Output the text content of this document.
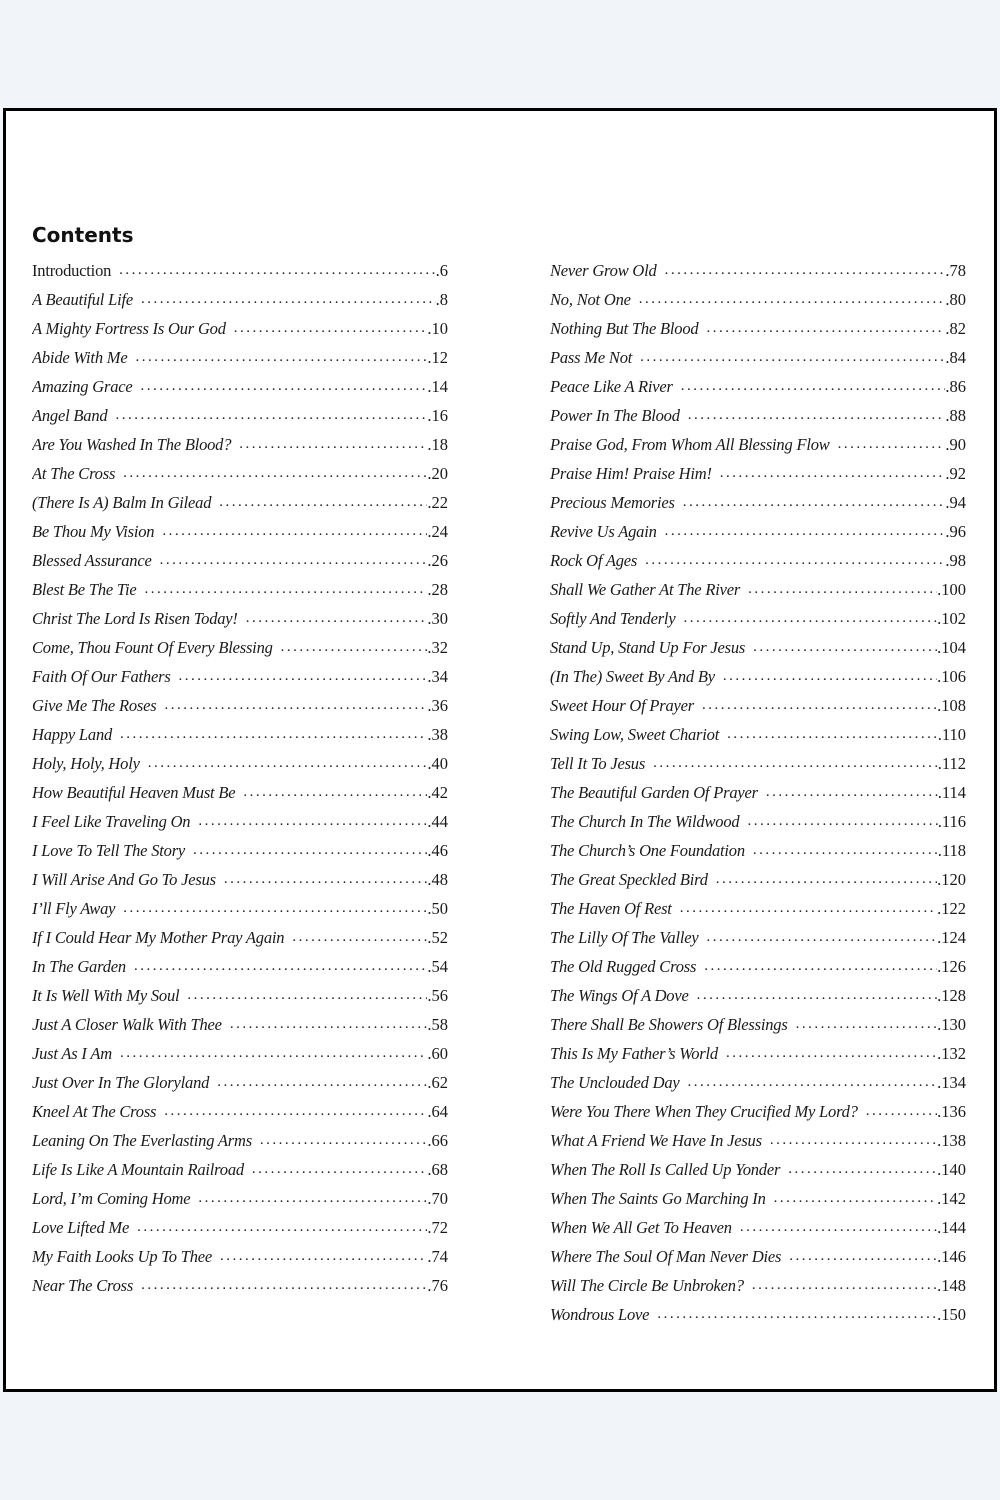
Contents
Introduction .....	.6
A Beautiful Life .....	.8
A Mighty Fortress Is Our God .....	.10
Abide With Me .....	.12
Amazing Grace .....	.14
Angel Band .....	.16
Are You Washed In The Blood? .....	.18
At The Cross .....	.20
(There Is A) Balm In Gilead .....	.22
Be Thou My Vision .....	.24
Blessed Assurance .....	.26
Blest Be The Tie .....	.28
Christ The Lord Is Risen Today! .....	.30
Come, Thou Fount Of Every Blessing .....	.32
Faith Of Our Fathers .....	.34
Give Me The Roses .....	.36
Happy Land .....	.38
Holy, Holy, Holy .....	.40
How Beautiful Heaven Must Be .....	.42
I Feel Like Traveling On .....	.44
I Love To Tell The Story .....	.46
I Will Arise And Go To Jesus .....	.48
I’ll Fly Away .....	.50
If I Could Hear My Mother Pray Again .....	.52
In The Garden .....	.54
It Is Well With My Soul .....	.56
Just A Closer Walk With Thee .....	.58
Just As I Am .....	.60
Just Over In The Gloryland .....	.62
Kneel At The Cross .....	.64
Leaning On The Everlasting Arms .....	.66
Life Is Like A Mountain Railroad .....	.68
Lord, I’m Coming Home .....	.70
Love Lifted Me .....	.72
My Faith Looks Up To Thee .....	.74
Near The Cross .....	.76
Never Grow Old .....	.78
No, Not One .....	.80
Nothing But The Blood .....	.82
Pass Me Not .....	.84
Peace Like A River .....	.86
Power In The Blood .....	.88
Praise God, From Whom All Blessing Flow .....	.90
Praise Him! Praise Him! .....	.92
Precious Memories .....	.94
Revive Us Again .....	.96
Rock Of Ages .....	.98
Shall We Gather At The River .....	.100
Softly And Tenderly .....	.102
Stand Up, Stand Up For Jesus .....	.104
(In The) Sweet By And By .....	.106
Sweet Hour Of Prayer .....	.108
Swing Low, Sweet Chariot .....	.110
Tell It To Jesus .....	.112
The Beautiful Garden Of Prayer .....	.114
The Church In The Wildwood .....	.116
The Church’s One Foundation .....	.118
The Great Speckled Bird .....	.120
The Haven Of Rest .....	.122
The Lilly Of The Valley .....	.124
The Old Rugged Cross .....	.126
The Wings Of A Dove .....	.128
There Shall Be Showers Of Blessings .....	.130
This Is My Father’s World .....	.132
The Unclouded Day .....	.134
Were You There When They Crucified My Lord? .....	.136
What A Friend We Have In Jesus .....	.138
When The Roll Is Called Up Yonder .....	.140
When The Saints Go Marching In .....	.142
When We All Get To Heaven .....	.144
Where The Soul Of Man Never Dies .....	.146
Will The Circle Be Unbroken? .....	.148
Wondrous Love .....	.150
